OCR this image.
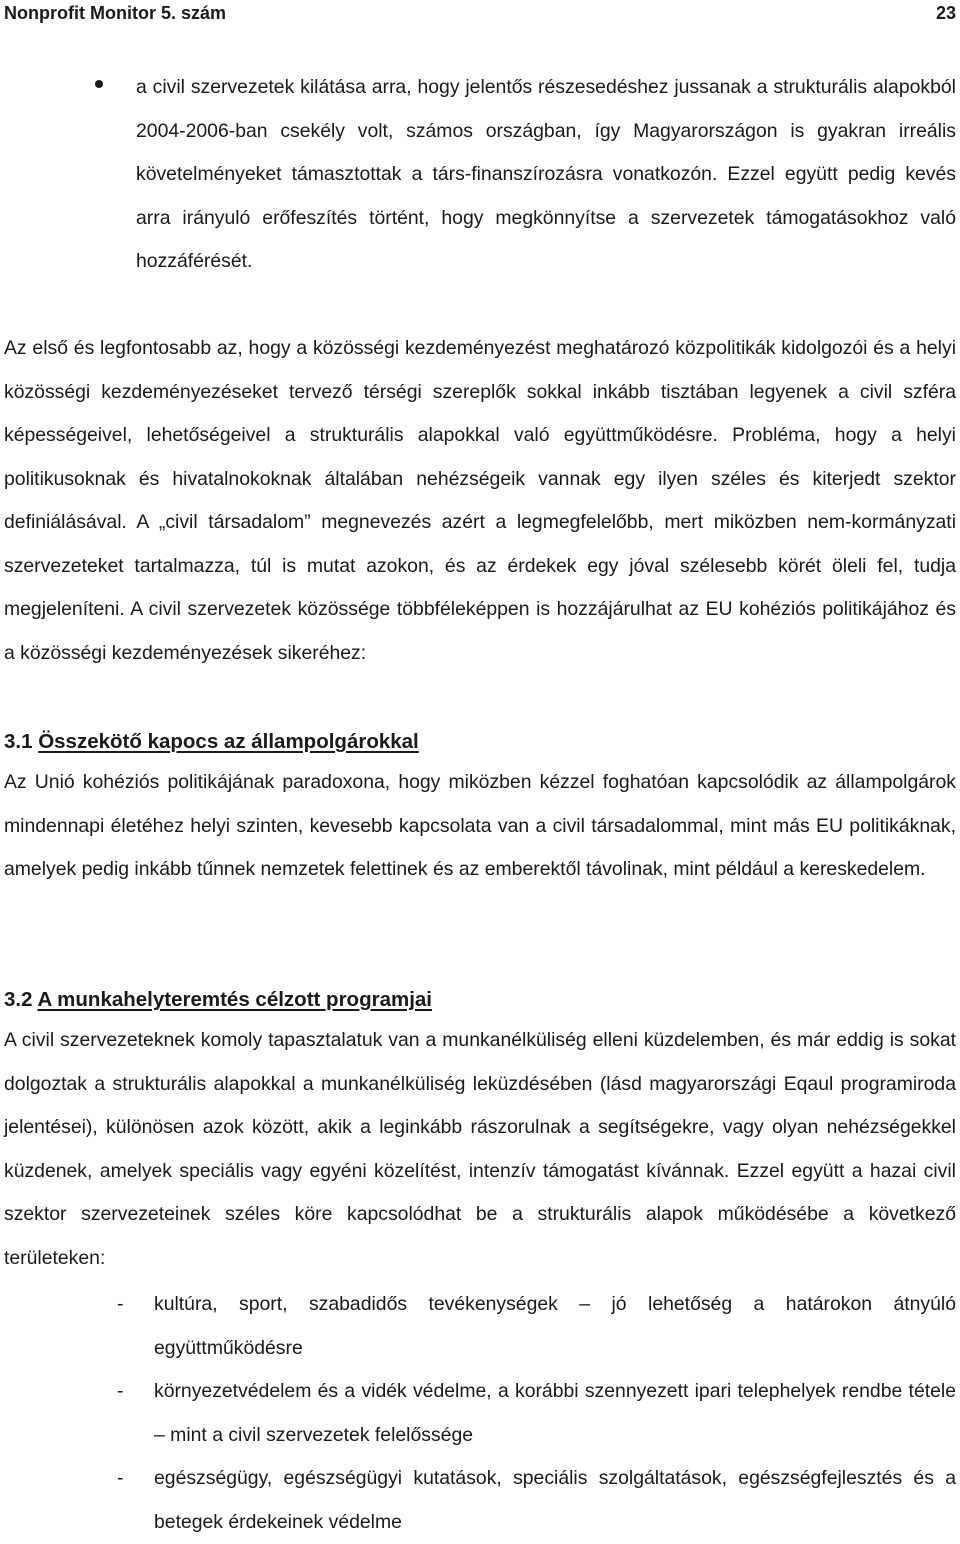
Nonprofit Monitor 5. szám	23

a civil szervezetek kilátása arra, hogy jelentős részesedéshez jussanak a strukturális alapokból 2004-2006-ban csekély volt, számos országban, így Magyarországon is gyakran irreális követelményeket támasztottak a társ-finanszírozásra vonatkozón. Ezzel együtt pedig kevés arra irányuló erőfeszítés történt, hogy megkönnyítse a szervezetek támogatásokhoz való hozzáférését.

Az első és legfontosabb az, hogy a közösségi kezdeményezést meghatározó közpolitikák kidolgozói és a helyi közösségi kezdeményezéseket tervező térségi szereplők sokkal inkább tisztában legyenek a civil szféra képességeivel, lehetőségeivel a strukturális alapokkal való együttműködésre. Probléma, hogy a helyi politikusoknak és hivatalnokoknak általában nehézségeik vannak egy ilyen széles és kiterjedt szektor definiálásával. A „civil társadalom” megnevezés azért a legmegfelelőbb, mert miközben nem-kormányzati szervezeteket tartalmazza, túl is mutat azokon, és az érdekek egy jóval szélesebb körét öleli fel, tudja megjeleníteni. A civil szervezetek közössége többféleképpen is hozzájárulhat az EU kohéziós politikájához és a közösségi kezdeményezések sikeréhez:

3.1 Összekötő kapocs az állampolgárokkal

Az Unió kohéziós politikájának paradoxona, hogy miközben kézzel foghatóan kapcsolódik az állampolgárok mindennapi életéhez helyi szinten, kevesebb kapcsolata van a civil társadalommal, mint más EU politikáknak, amelyek pedig inkább tűnnek nemzetek felettinek és az emberektől távolinak, mint például a kereskedelem.

3.2 A munkahelyteremtés célzott programjai

A civil szervezeteknek komoly tapasztalatuk van a munkanélküliség elleni küzdelemben, és már eddig is sokat dolgoztak a strukturális alapokkal a munkanélküliség leküzdésében (lásd magyarországi Eqaul programiroda jelentései), különösen azok között, akik a leginkább rászorulnak a segítségekre, vagy olyan nehézségekkel küzdenek, amelyek speciális vagy egyéni közelítést, intenzív támogatást kívánnak. Ezzel együtt a hazai civil szektor szervezeteinek széles köre kapcsolódhat be a strukturális alapok működésébe a következő területeken:

- kultúra, sport, szabadidős tevékenységek – jó lehetőség a határokon átnyúló együttműködésre

- környezetvédelem és a vidék védelme, a korábbi szennyezett ipari telephelyek rendbe tétele – mint a civil szervezetek felelőssége

- egészségügy, egészségügyi kutatások, speciális szolgáltatások, egészségfejlesztés és a betegek érdekeinek védelme
